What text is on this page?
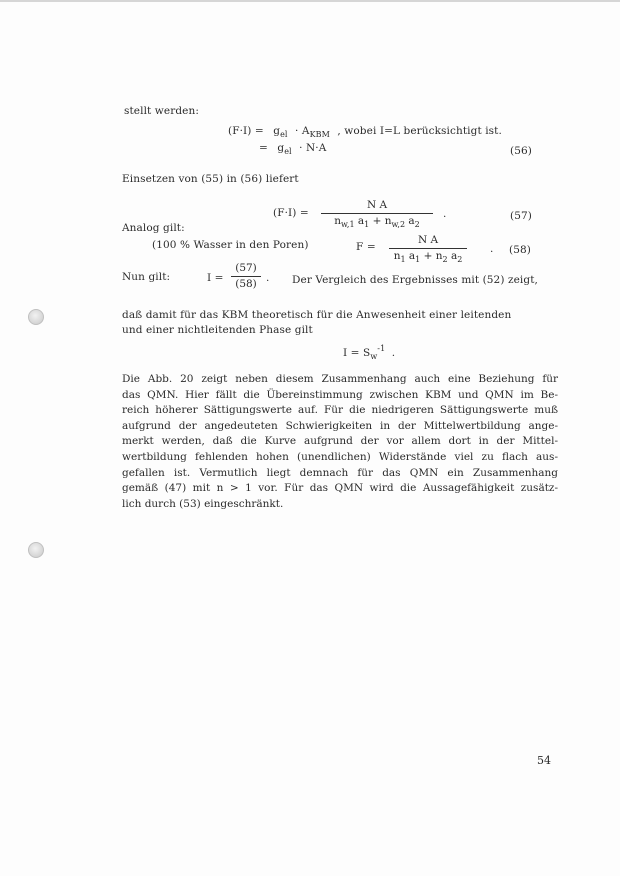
stellt werden:
$(F\cdot I) = g_{el} \cdot A_{KBM}$ , wobei I=L berücksichtigt ist.
= $g_{el} \cdot N\cdot A$	(56)
Einsetzen von (55) in (56) liefert
$(F\cdot I) = \frac{\text{N A}}{n_{w,1} a_1 + n_{w,2} a_2}$ .	(57)
Analog gilt:
(100 % Wasser in den Poren)	$F = \frac{\text{N A}}{n_1 a_1 + n_2 a_2}$ . (58)
Nun gilt:	$I = \frac{(57)}{(58)}$ . Der Vergleich des Ergebnisses mit (52) zeigt,
daß damit für das KBM theoretisch für die Anwesenheit einer leitenden
und einer nichtleitenden Phase gilt
$I = S_w^{-1}$ .
Die Abb. 20 zeigt neben diesem Zusammenhang auch eine Beziehung für
das QMN. Hier fällt die Übereinstimmung zwischen KBM und QMN im Be-
reich höherer Sättigungswerte auf. Für die niedrigeren Sättigungswerte muß
aufgrund der angedeuteten Schwierigkeiten in der Mittelwertbildung ange-
merkt werden, daß die Kurve aufgrund der vor allem dort in der Mittel-
wertbildung fehlenden hohen (unendlichen) Widerstände viel zu flach aus-
gefallen ist. Vermutlich liegt demnach für das QMN ein Zusammenhang
gemäß (47) mit n > 1 vor. Für das QMN wird die Aussagefähigkeit zusätz-
lich durch (53) eingeschränkt.
54
